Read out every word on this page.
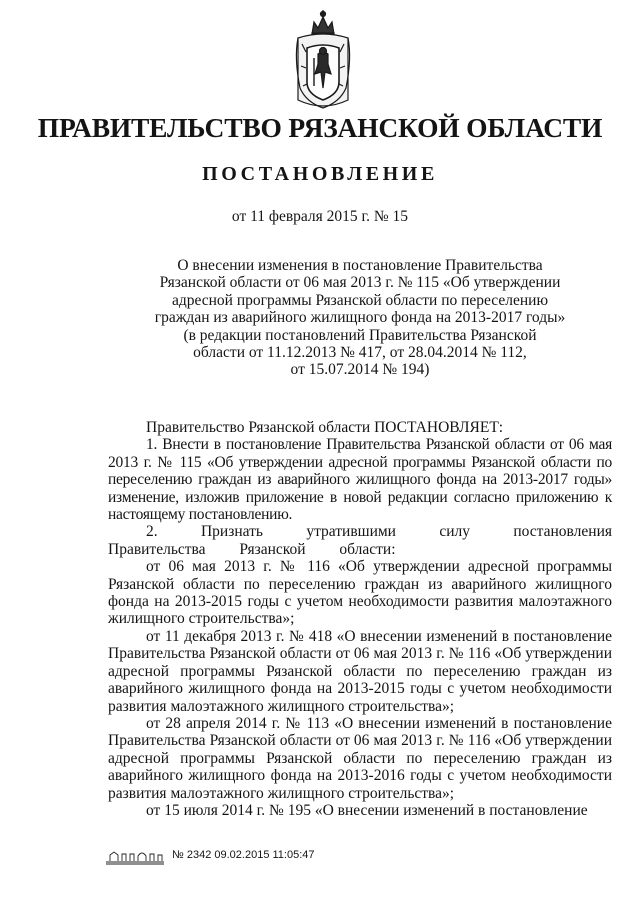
ПРАВИТЕЛЬСТВО РЯЗАНСКОЙ ОБЛАСТИ
ПОСТАНОВЛЕНИЕ
от 11 февраля 2015 г. № 15
О внесении изменения в постановление Правительства
Рязанской области от 06 мая 2013 г. № 115 «Об утверждении
адресной программы Рязанской области по переселению
граждан из аварийного жилищного фонда на 2013-2017 годы»
(в редакции постановлений Правительства Рязанской
области от 11.12.2013 № 417, от 28.04.2014 № 112,
от 15.07.2014 № 194)

Правительство Рязанской области ПОСТАНОВЛЯЕТ:

1. Внести в постановление Правительства Рязанской области от 06 мая 2013 г. № 115 «Об утверждении адресной программы Рязанской области по переселению граждан из аварийного жилищного фонда на 2013-2017 годы» изменение, изложив приложение в новой редакции согласно приложению к настоящему постановлению.

2. Признать утратившими силу постановления Правительства Рязанской области:

от 06 мая 2013 г. № 116 «Об утверждении адресной программы Рязанской области по переселению граждан из аварийного жилищного фонда на 2013-2015 годы с учетом необходимости развития малоэтажного жилищного строительства»;

от 11 декабря 2013 г. № 418 «О внесении изменений в постановление Правительства Рязанской области от 06 мая 2013 г. № 116 «Об утверждении адресной программы Рязанской области по переселению граждан из аварийного жилищного фонда на 2013-2015 годы с учетом необходимости развития малоэтажного жилищного строительства»;

от 28 апреля 2014 г. № 113 «О внесении изменений в постановление Правительства Рязанской области от 06 мая 2013 г. № 116 «Об утверждении адресной программы Рязанской области по переселению граждан из аварийного жилищного фонда на 2013-2016 годы с учетом необходимости развития малоэтажного жилищного строительства»;

от 15 июля 2014 г. № 195 «О внесении изменений в постановление

№ 2342 09.02.2015 11:05:47
